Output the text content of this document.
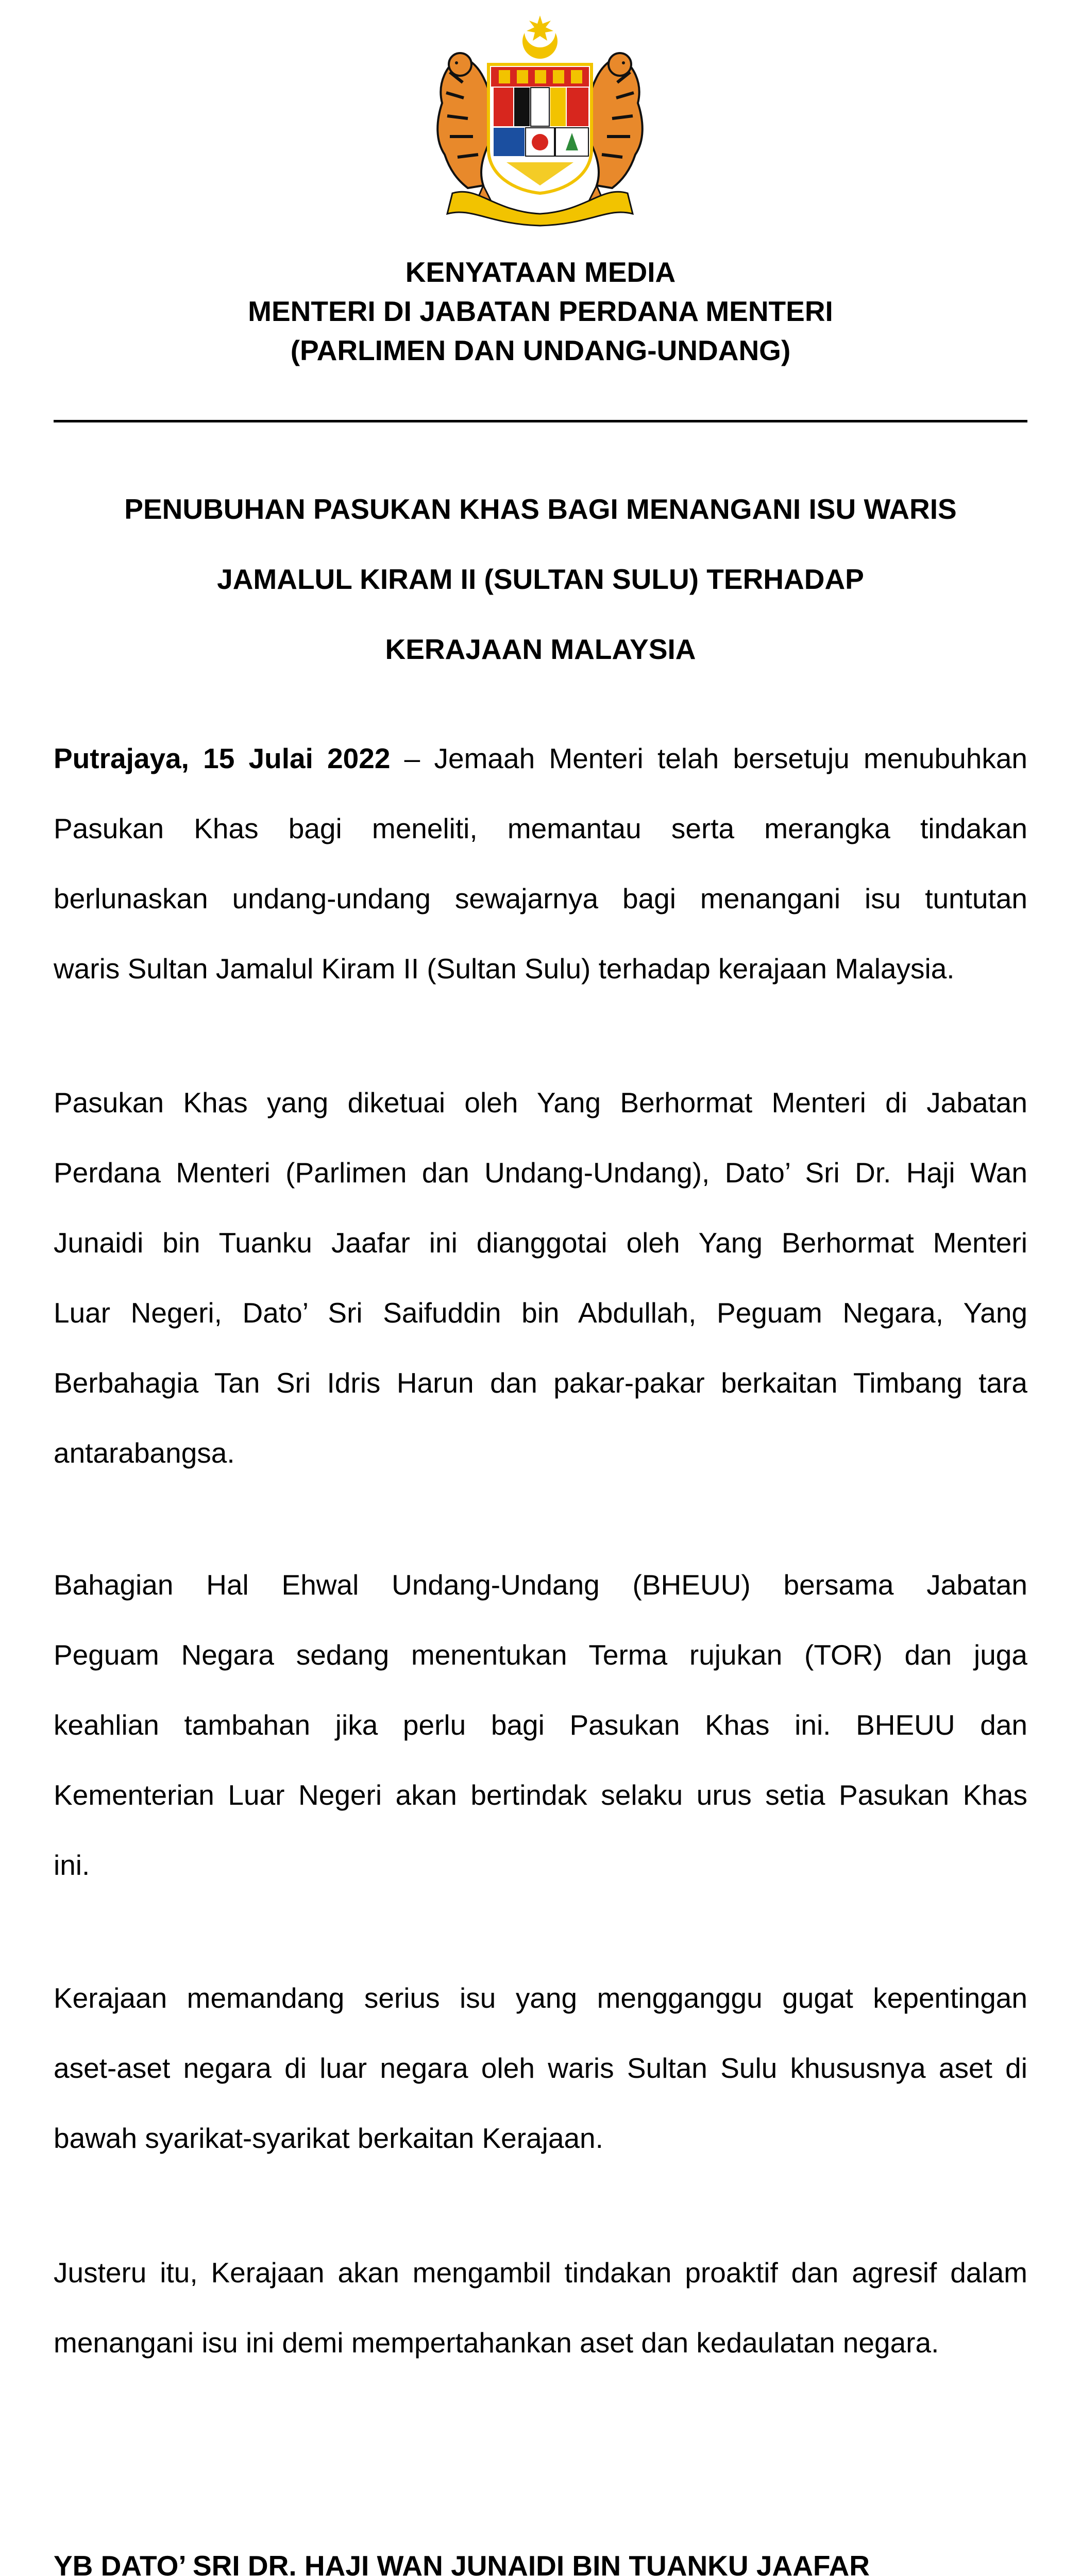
KENYATAAN MEDIA
MENTERI DI JABATAN PERDANA MENTERI
(PARLIMEN DAN UNDANG-UNDANG)
PENUBUHAN PASUKAN KHAS BAGI MENANGANI ISU WARIS
JAMALUL KIRAM II (SULTAN SULU) TERHADAP
KERAJAAN MALAYSIA
Putrajaya, 15 Julai 2022 – Jemaah Menteri telah bersetuju menubuhkan
Pasukan Khas bagi meneliti, memantau serta merangka tindakan
berlunaskan undang-undang sewajarnya bagi menangani isu tuntutan
waris Sultan Jamalul Kiram II (Sultan Sulu) terhadap kerajaan Malaysia.
Pasukan Khas yang diketuai oleh Yang Berhormat Menteri di Jabatan
Perdana Menteri (Parlimen dan Undang-Undang), Dato’ Sri Dr. Haji Wan
Junaidi bin Tuanku Jaafar ini dianggotai oleh Yang Berhormat Menteri
Luar Negeri, Dato’ Sri Saifuddin bin Abdullah, Peguam Negara, Yang
Berbahagia Tan Sri Idris Harun dan pakar-pakar berkaitan Timbang tara
antarabangsa.
Bahagian Hal Ehwal Undang-Undang (BHEUU) bersama Jabatan
Peguam Negara sedang menentukan Terma rujukan (TOR) dan juga
keahlian tambahan jika perlu bagi Pasukan Khas ini. BHEUU dan
Kementerian Luar Negeri akan bertindak selaku urus setia Pasukan Khas
ini.
Kerajaan memandang serius isu yang mengganggu gugat kepentingan
aset-aset negara di luar negara oleh waris Sultan Sulu khususnya aset di
bawah syarikat-syarikat berkaitan Kerajaan.
Justeru itu, Kerajaan akan mengambil tindakan proaktif dan agresif dalam
menangani isu ini demi mempertahankan aset dan kedaulatan negara.
YB DATO’ SRI DR. HAJI WAN JUNAIDI BIN TUANKU JAAFAR
